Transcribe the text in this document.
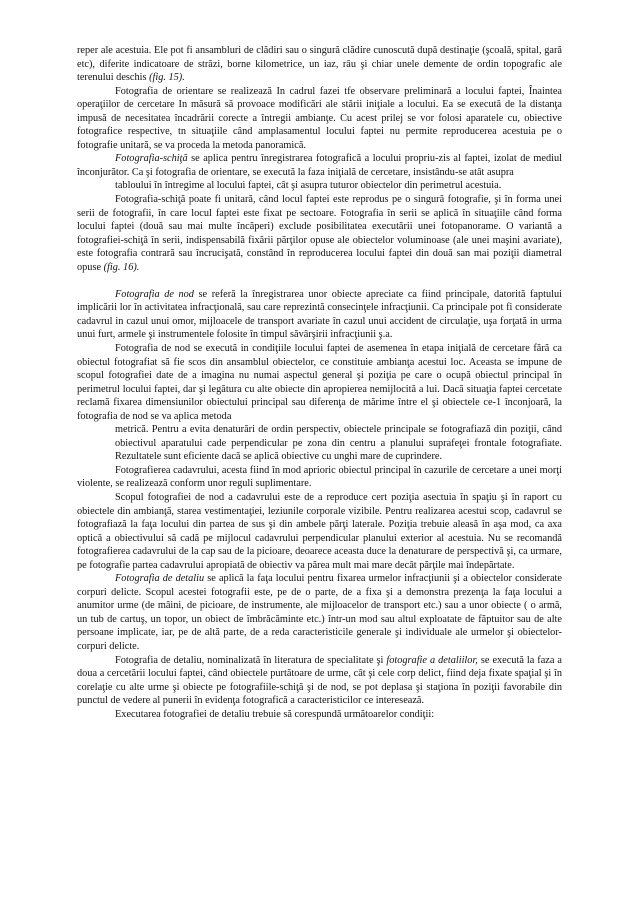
reper ale acestuia. Ele pot fi ansambluri de clădiri sau o singură clădire cunoscută după destinaţie (şcoală, spital, gară etc), diferite indicatoare de străzi, borne kilometrice, un iaz, râu şi chiar unele demente de ordin topografic ale terenului deschis (fig. 15).

Fotografia de orientare se realizează In cadrul fazei tfe observare preliminară a locului faptei, Înaintea operaţiilor de cercetare In măsură să provoace modificări ale stării iniţiale a locului. Ea se execută de la distanţa impusă de necesitatea încadrării corecte a întregii ambianţe. Cu acest prilej se vor folosi aparatele cu, obiective fotografice respective, tn situaţiile când amplasamentul locului faptei nu permite reproducerea acestuia pe o fotografie unitară, se va proceda la metoda panoramică.

Fotografia-schiţă se aplica pentru înregistrarea fotografică a locului propriu-zis al faptei, izolat de mediul înconjurător. Ca şi fotografia de orientare, se execută la faza iniţială de cercetare, insistându-se atât asupra

tabloului în întregime al locului faptei, cât şi asupra tuturor obiectelor din perimetrul acestuia.

Fotografia-schiţă poate fi unitară, când locul faptei este reprodus pe o singură fotografie, şi în forma unei serii de fotografii, în care locul faptei este fixat pe sectoare. Fotografia în serii se aplică în situaţiile când forma locului faptei (două sau mai multe încăperi) exclude posibilitatea executării unei fotopanorame. O variantă a fotografiei-schiţă în serii, indispensabilă fixării părţilor opuse ale obiectelor voluminoase (ale unei maşini avariate), este fotografia contrară sau încrucişată, constând în reproducerea locului faptei din două san mai poziţii diametral opuse (fig. 16).

Fotografia de nod se referă la înregistrarea unor obiecte apreciate ca fiind principale, datorită faptului implicării lor în activitatea infracţională, sau care reprezintă consecinţele infracţiunii. Ca principale pot fi considerate cadavrul in cazul unui omor, mijloacele de transport avariate în cazul unui accident de circulaţie, uşa forţată in urma unui furt, armele şi instrumentele folosite în timpul săvârşirii infracţiunii ş.a.

Fotografia de nod se execută in condiţiile locului faptei de asemenea în etapa iniţială de cercetare fără ca obiectul fotografiat să fie scos din ansamblul obiectelor, ce constituie ambianţa acestui loc. Aceasta se impune de scopul fotografiei date de a imagina nu numai aspectul general şi poziţia pe care o ocupă obiectul principal în perimetrul locului faptei, dar şi legătura cu alte obiecte din apropierea nemijlocită a lui. Dacă situaţia faptei cercetate reclamă fixarea dimensiunilor obiectului principal sau diferenţa de mărime între el şi obiectele ce-1 înconjoară, la fotografia de nod se va aplica metoda

metrică. Pentru a evita denaturări de ordin perspectiv, obiectele principale se fotografiază din poziţii, când obiectivul aparatului cade perpendicular pe zona din centru a planului suprafeţei frontale fotografiate. Rezultatele sunt eficiente dacă se aplică obiective cu unghi mare de cuprindere.

Fotografierea cadavrului, acesta fiind în mod aprioric obiectul principal în cazurile de cercetare a unei morţi violente, se realizează conform unor reguli suplimentare.

Scopul fotografiei de nod a cadavrului este de a reproduce cert poziţia asectuia în spaţiu şi în raport cu obiectele din ambianţă, starea vestimentaţiei, leziunile corporale vizibile. Pentru realizarea acestui scop, cadavrul se fotografiază la faţa locului din partea de sus şi din ambele părţi laterale. Poziţia trebuie aleasă în aşa mod, ca axa optică a obiectivului să cadă pe mijlocul cadavrului perpendicular planului exterior al acestuia. Nu se recomandă fotografierea cadavrului de la cap sau de la picioare, deoarece aceasta duce la denaturare de perspectivă şi, ca urmare, pe fotografie partea cadavrului apropiată de obiectiv va părea mult mai mare decât părţile mai îndepărtate.

Fotografia de detaliu se aplică la faţa locului pentru fixarea urmelor infracţiunii şi a obiectelor considerate corpuri delicte. Scopul acestei fotografii este, pe de o parte, de a fixa şi a demonstra prezenţa la faţa locului a anumitor urme (de mâini, de picioare, de instrumente, ale mijloacelor de transport etc.) sau a unor obiecte ( o armă, un tub de cartuş, un topor, un obiect de îmbrăcăminte etc.) într-un mod sau altul exploatate de făptuitor sau de alte persoane implicate, iar, pe de altă parte, de a reda caracteristicile generale şi individuale ale urmelor şi obiectelor-corpuri delicte.

Fotografia de detaliu, nominalizată în literatura de specialitate şi fotografie a detaliilor, se execută la faza a doua a cercetării locului faptei, când obiectele purtătoare de urme, cât şi cele corp delict, fiind deja fixate spaţial şi în corelaţie cu alte urme şi obiecte pe fotografiile-schiţă şi de nod, se pot deplasa şi staţiona în poziţii favorabile din punctul de vedere al punerii în evidenţa fotografică a caracteristicilor ce interesează.

Executarea fotografiei de detaliu trebuie să corespundă următoarelor condiţii:
